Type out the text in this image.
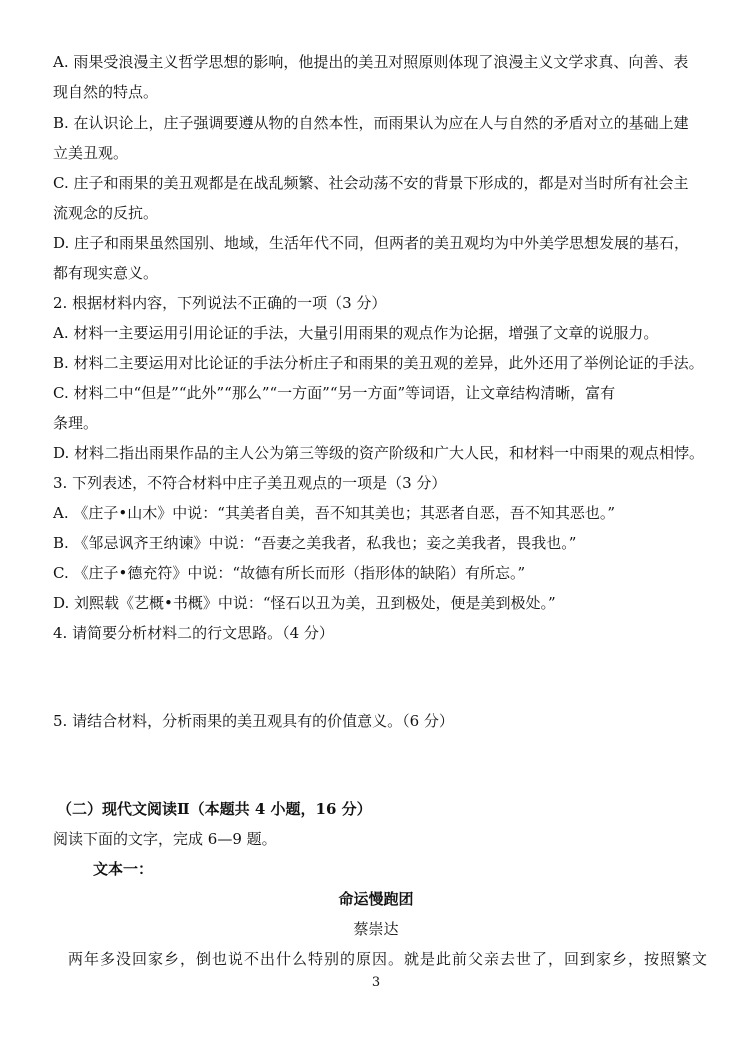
A. 雨果受浪漫主义哲学思想的影响，他提出的美丑对照原则体现了浪漫主义文学求真、向善、表
现自然的特点。
B. 在认识论上，庄子强调要遵从物的自然本性，而雨果认为应在人与自然的矛盾对立的基础上建
立美丑观。
C. 庄子和雨果的美丑观都是在战乱频繁、社会动荡不安的背景下形成的，都是对当时所有社会主
流观念的反抗。
D. 庄子和雨果虽然国别、地域，生活年代不同，但两者的美丑观均为中外美学思想发展的基石，
都有现实意义。
2. 根据材料内容，下列说法不正确的一项（3 分）
A. 材料一主要运用引用论证的手法，大量引用雨果的观点作为论据，增强了文章的说服力。
B. 材料二主要运用对比论证的手法分析庄子和雨果的美丑观的差异，此外还用了举例论证的手法。
C. 材料二中“但是”“此外”“那么”“一方面”“另一方面”等词语，让文章结构清晰，富有
条理。
D. 材料二指出雨果作品的主人公为第三等级的资产阶级和广大人民，和材料一中雨果的观点相悖。
3. 下列表述，不符合材料中庄子美丑观点的一项是（3 分）
A. 《庄子•山木》中说：“其美者自美，吾不知其美也；其恶者自恶，吾不知其恶也。”
B. 《邹忌讽齐王纳谏》中说：“吾妻之美我者，私我也；妾之美我者，畏我也。”
C. 《庄子•德充符》中说：“故德有所长而形（指形体的缺陷）有所忘。”
D. 刘熙载《艺概•书概》中说：“怪石以丑为美，丑到极处，便是美到极处。”
4. 请简要分析材料二的行文思路。（4 分）
5. 请结合材料，分析雨果的美丑观具有的价值意义。（6 分）
（二）现代文阅读Ⅱ（本题共 4 小题，16 分）
阅读下面的文字，完成 6—9 题。
文本一：
命运慢跑团
蔡崇达
两年多没回家乡，倒也说不出什么特别的原因。就是此前父亲去世了，回到家乡，按照繁文
3
